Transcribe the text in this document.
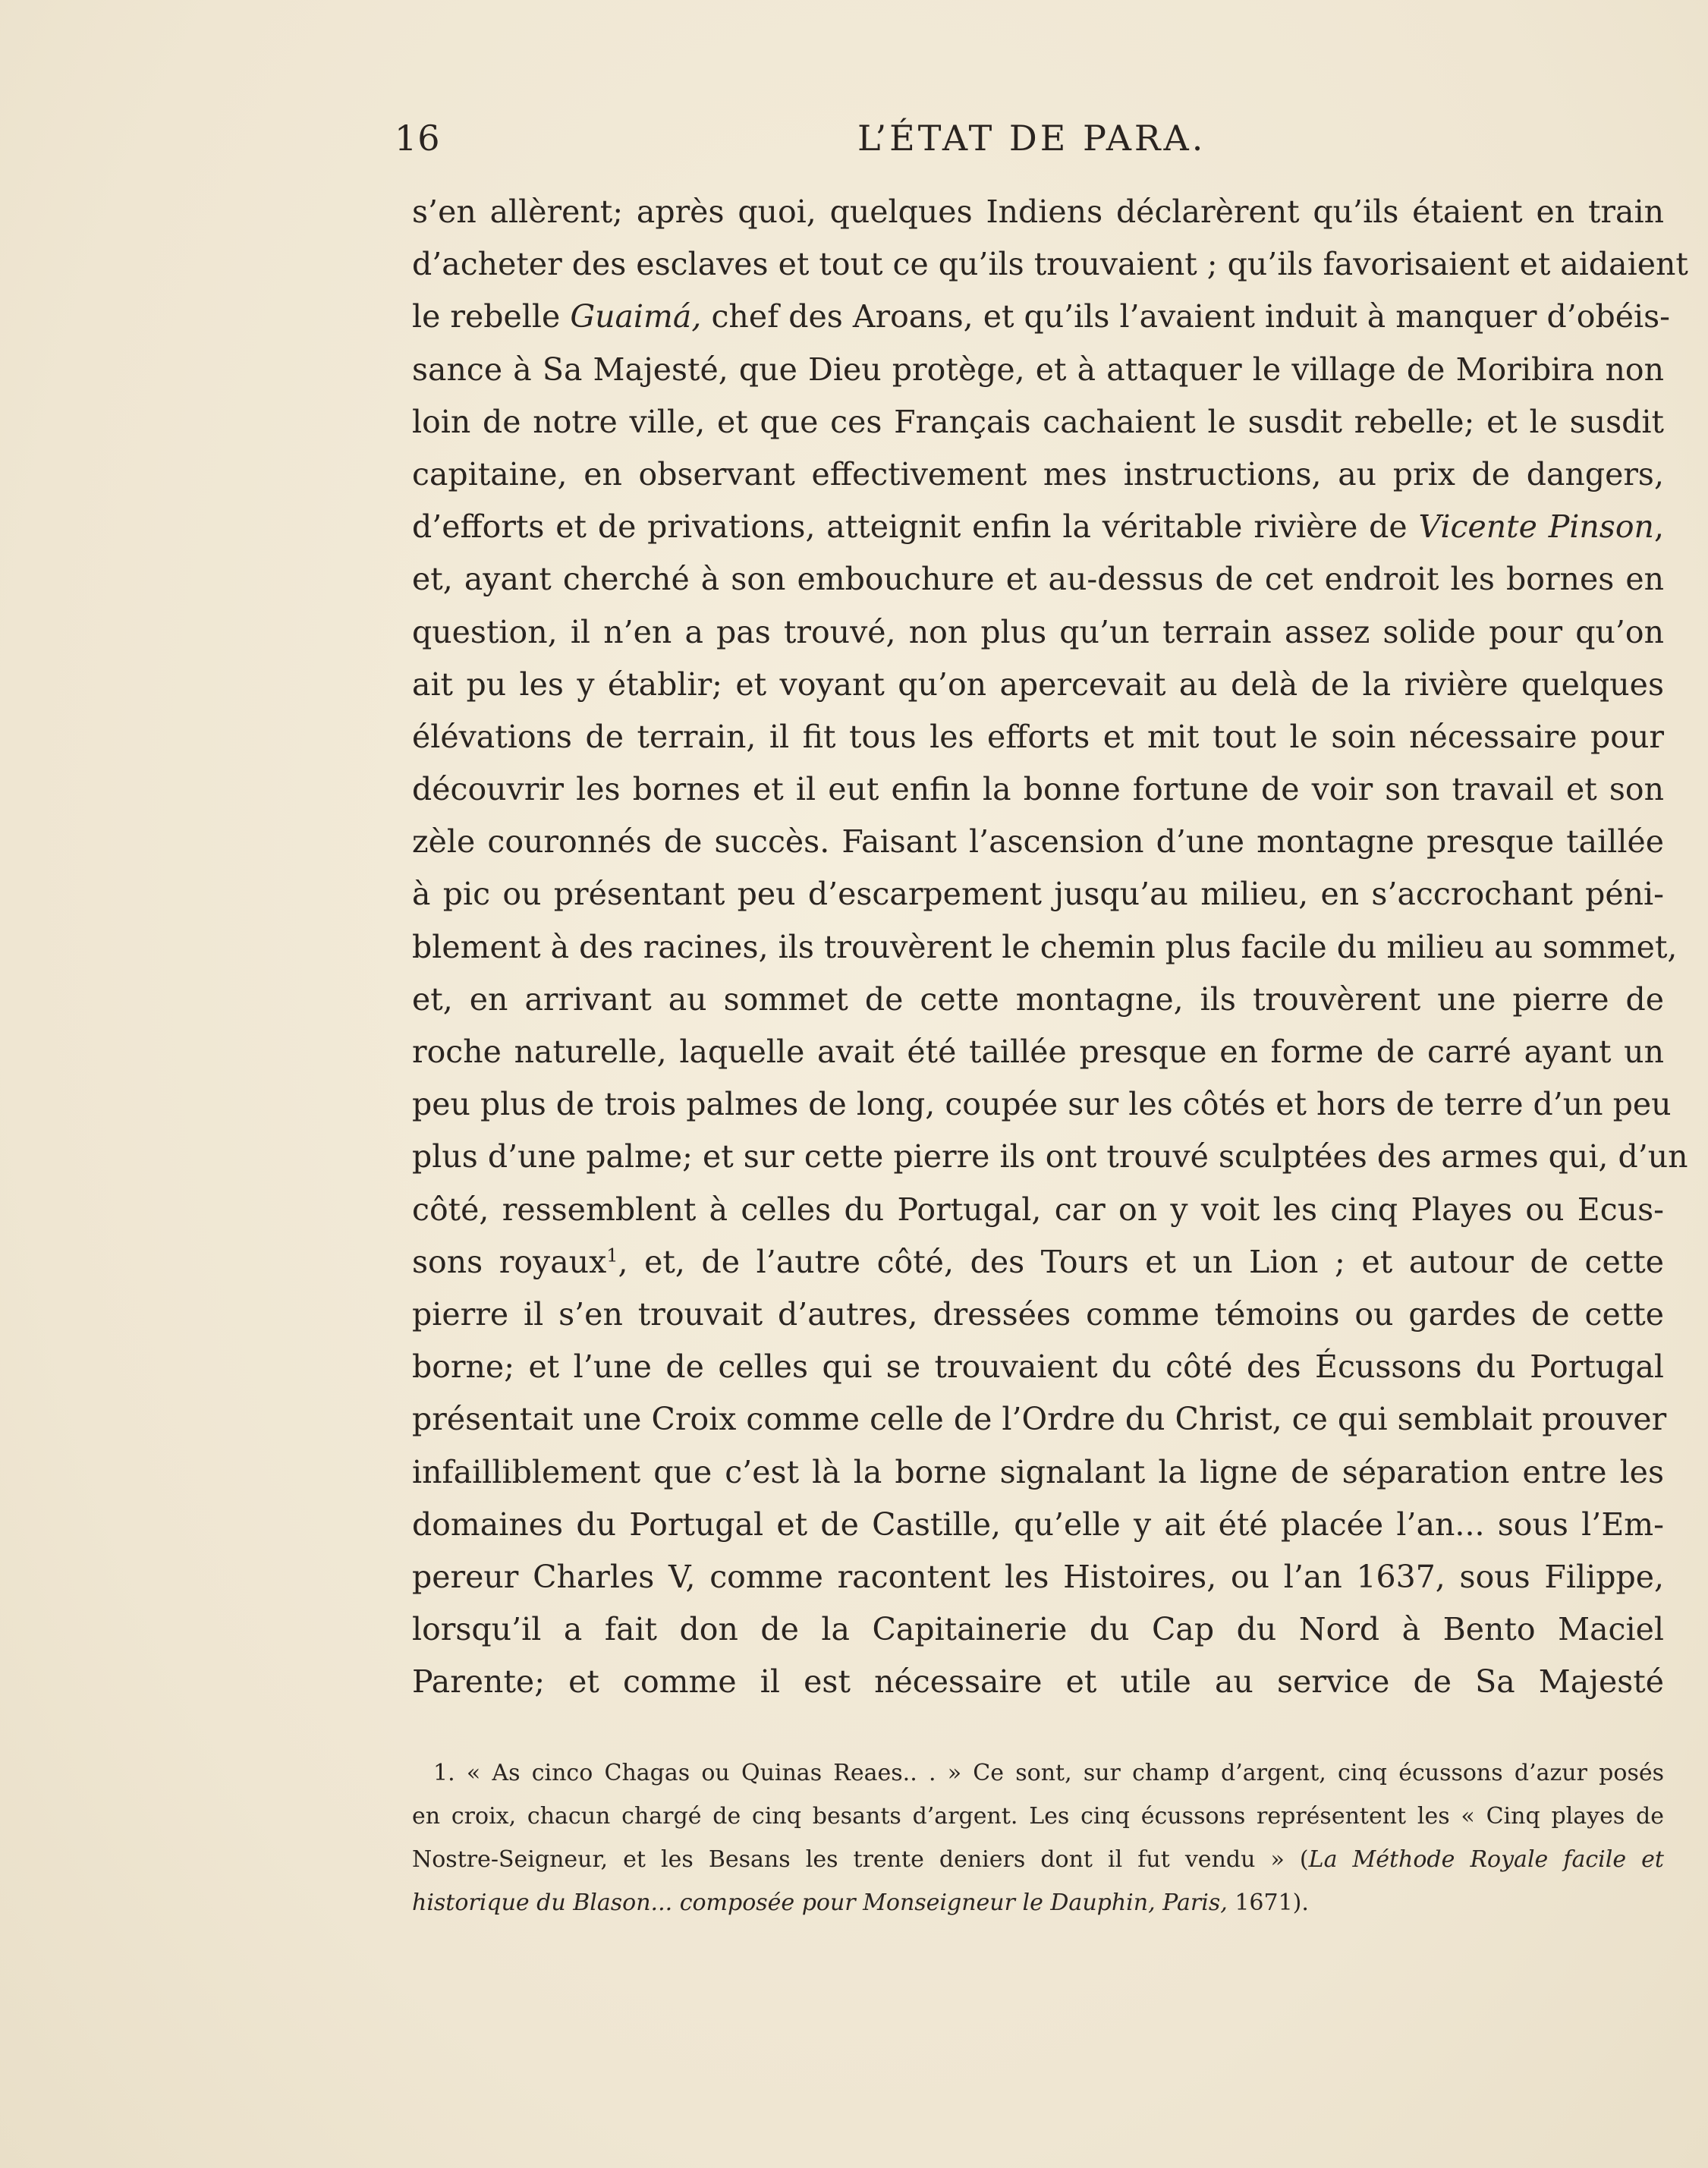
16	L’ÉTAT DE PARA.
s’en allèrent; après quoi, quelques Indiens déclarèrent qu’ils étaient en train
d’acheter des esclaves et tout ce qu’ils trouvaient ; qu’ils favorisaient et aidaient
le rebelle Guaimá, chef des Aroans, et qu’ils l’avaient induit à manquer d’obéis-
sance à Sa Majesté, que Dieu protège, et à attaquer le village de Moribira non
loin de notre ville, et que ces Français cachaient le susdit rebelle; et le susdit
capitaine, en observant effectivement mes instructions, au prix de dangers,
d’efforts et de privations, atteignit enfin la véritable rivière de Vicente Pinson,
et, ayant cherché à son embouchure et au-dessus de cet endroit les bornes en
question, il n’en a pas trouvé, non plus qu’un terrain assez solide pour qu’on
ait pu les y établir; et voyant qu’on apercevait au delà de la rivière quelques
élévations de terrain, il fit tous les efforts et mit tout le soin nécessaire pour
découvrir les bornes et il eut enfin la bonne fortune de voir son travail et son
zèle couronnés de succès. Faisant l’ascension d’une montagne presque taillée
à pic ou présentant peu d’escarpement jusqu’au milieu, en s’accrochant péni-
blement à des racines, ils trouvèrent le chemin plus facile du milieu au sommet,
et, en arrivant au sommet de cette montagne, ils trouvèrent une pierre de
roche naturelle, laquelle avait été taillée presque en forme de carré ayant un
peu plus de trois palmes de long, coupée sur les côtés et hors de terre d’un peu
plus d’une palme; et sur cette pierre ils ont trouvé sculptées des armes qui, d’un
côté, ressemblent à celles du Portugal, car on y voit les cinq Playes ou Ecus-
sons royaux$^1$, et, de l’autre côté, des Tours et un Lion ; et autour de cette
pierre il s’en trouvait d’autres, dressées comme témoins ou gardes de cette
borne; et l’une de celles qui se trouvaient du côté des Écussons du Portugal
présentait une Croix comme celle de l’Ordre du Christ, ce qui semblait prouver
infailliblement que c’est là la borne signalant la ligne de séparation entre les
domaines du Portugal et de Castille, qu’elle y ait été placée l’an... sous l’Em-
pereur Charles V, comme racontent les Histoires, ou l’an 1637, sous Filippe,
lorsqu’il a fait don de la Capitainerie du Cap du Nord à Bento Maciel
Parente; et comme il est nécessaire et utile au service de Sa Majesté
1. « As cinco Chagas ou Quinas Reaes.. . » Ce sont, sur champ d’argent, cinq écussons d’azur posés
en croix, chacun chargé de cinq besants d’argent. Les cinq écussons représentent les « Cinq playes de
Nostre-Seigneur, et les Besans les trente deniers dont il fut vendu » (La Méthode Royale facile et
historique du Blason... composée pour Monseigneur le Dauphin, Paris, 1671).
